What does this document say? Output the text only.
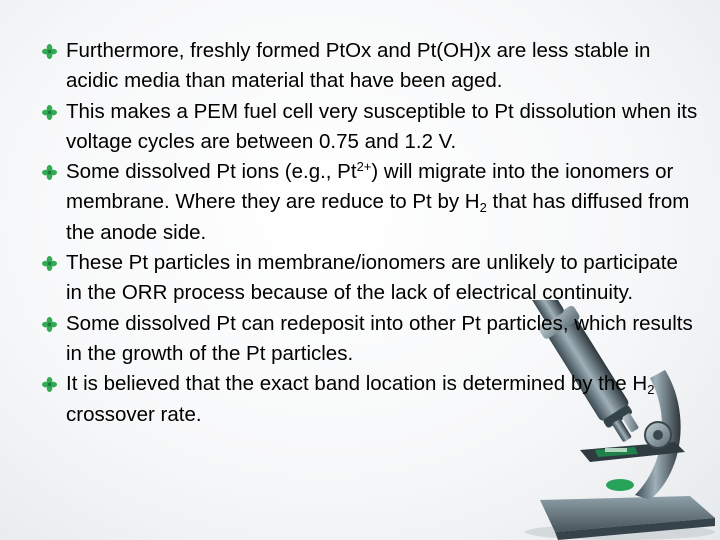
Furthermore, freshly formed PtOx and Pt(OH)x are less stable in acidic media than material that have been aged.
This makes a PEM fuel cell very susceptible to Pt dissolution when its voltage cycles are between 0.75 and 1.2 V.
Some dissolved Pt ions (e.g., $Pt^{2+}$) will migrate into the ionomers or membrane. Where they are reduce to Pt by $H_2$ that has diffused from the anode side.
These Pt particles in membrane/ionomers are unlikely to participate in the ORR process because of the lack of electrical continuity.
Some dissolved Pt can redeposit into other Pt particles, which results in the growth of the Pt particles.
It is believed that the exact band location is determined by the $H_2$ crossover rate.
